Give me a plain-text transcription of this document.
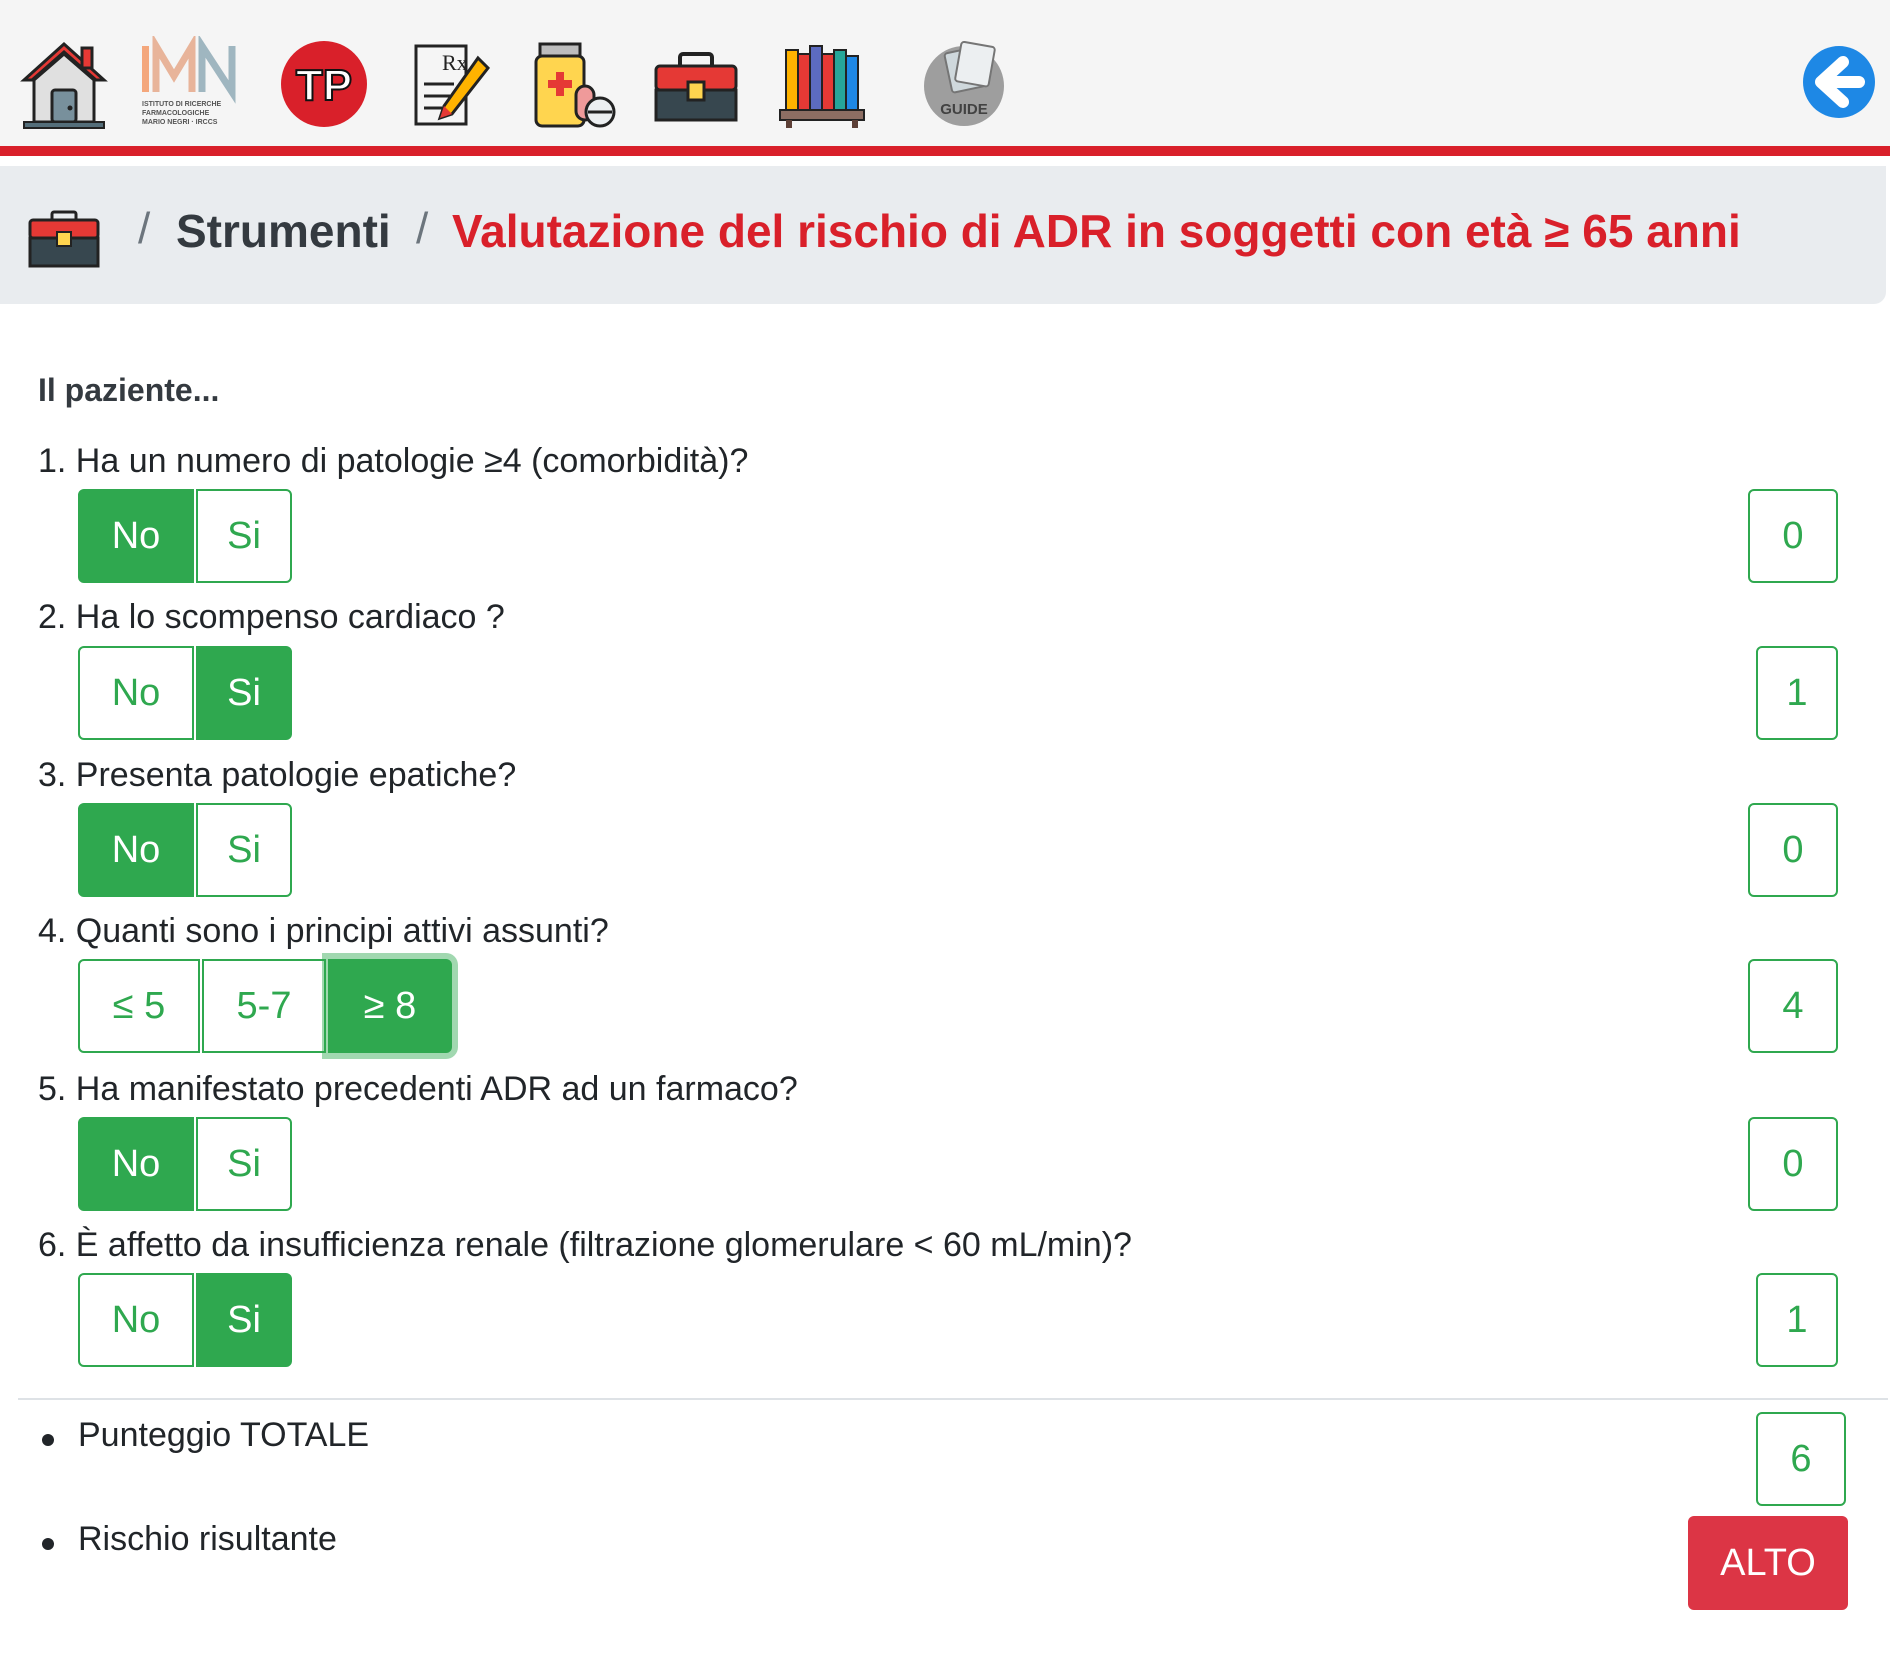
ISTITUTO DI RICERCHE
FARMACOLOGICHE
MARIO NEGRI · IRCCS
TP	Rx
GUIDE
/ Strumenti / Valutazione del rischio di ADR in soggetti con età ≥ 65 anni
Il paziente...
1. Ha un numero di patologie ≥4 (comorbidità)?
No	Si	0
2. Ha lo scompenso cardiaco ?
No	Si	1
3. Presenta patologie epatiche?
No	Si	0
4. Quanti sono i principi attivi assunti?
≤ 5	5-7	≥ 8	4
5. Ha manifestato precedenti ADR ad un farmaco?
No	Si	0
6. È affetto da insufficienza renale (filtrazione glomerulare < 60 mL/min)?
No	Si	1
Punteggio TOTALE
6
Rischio risultante
ALTO
